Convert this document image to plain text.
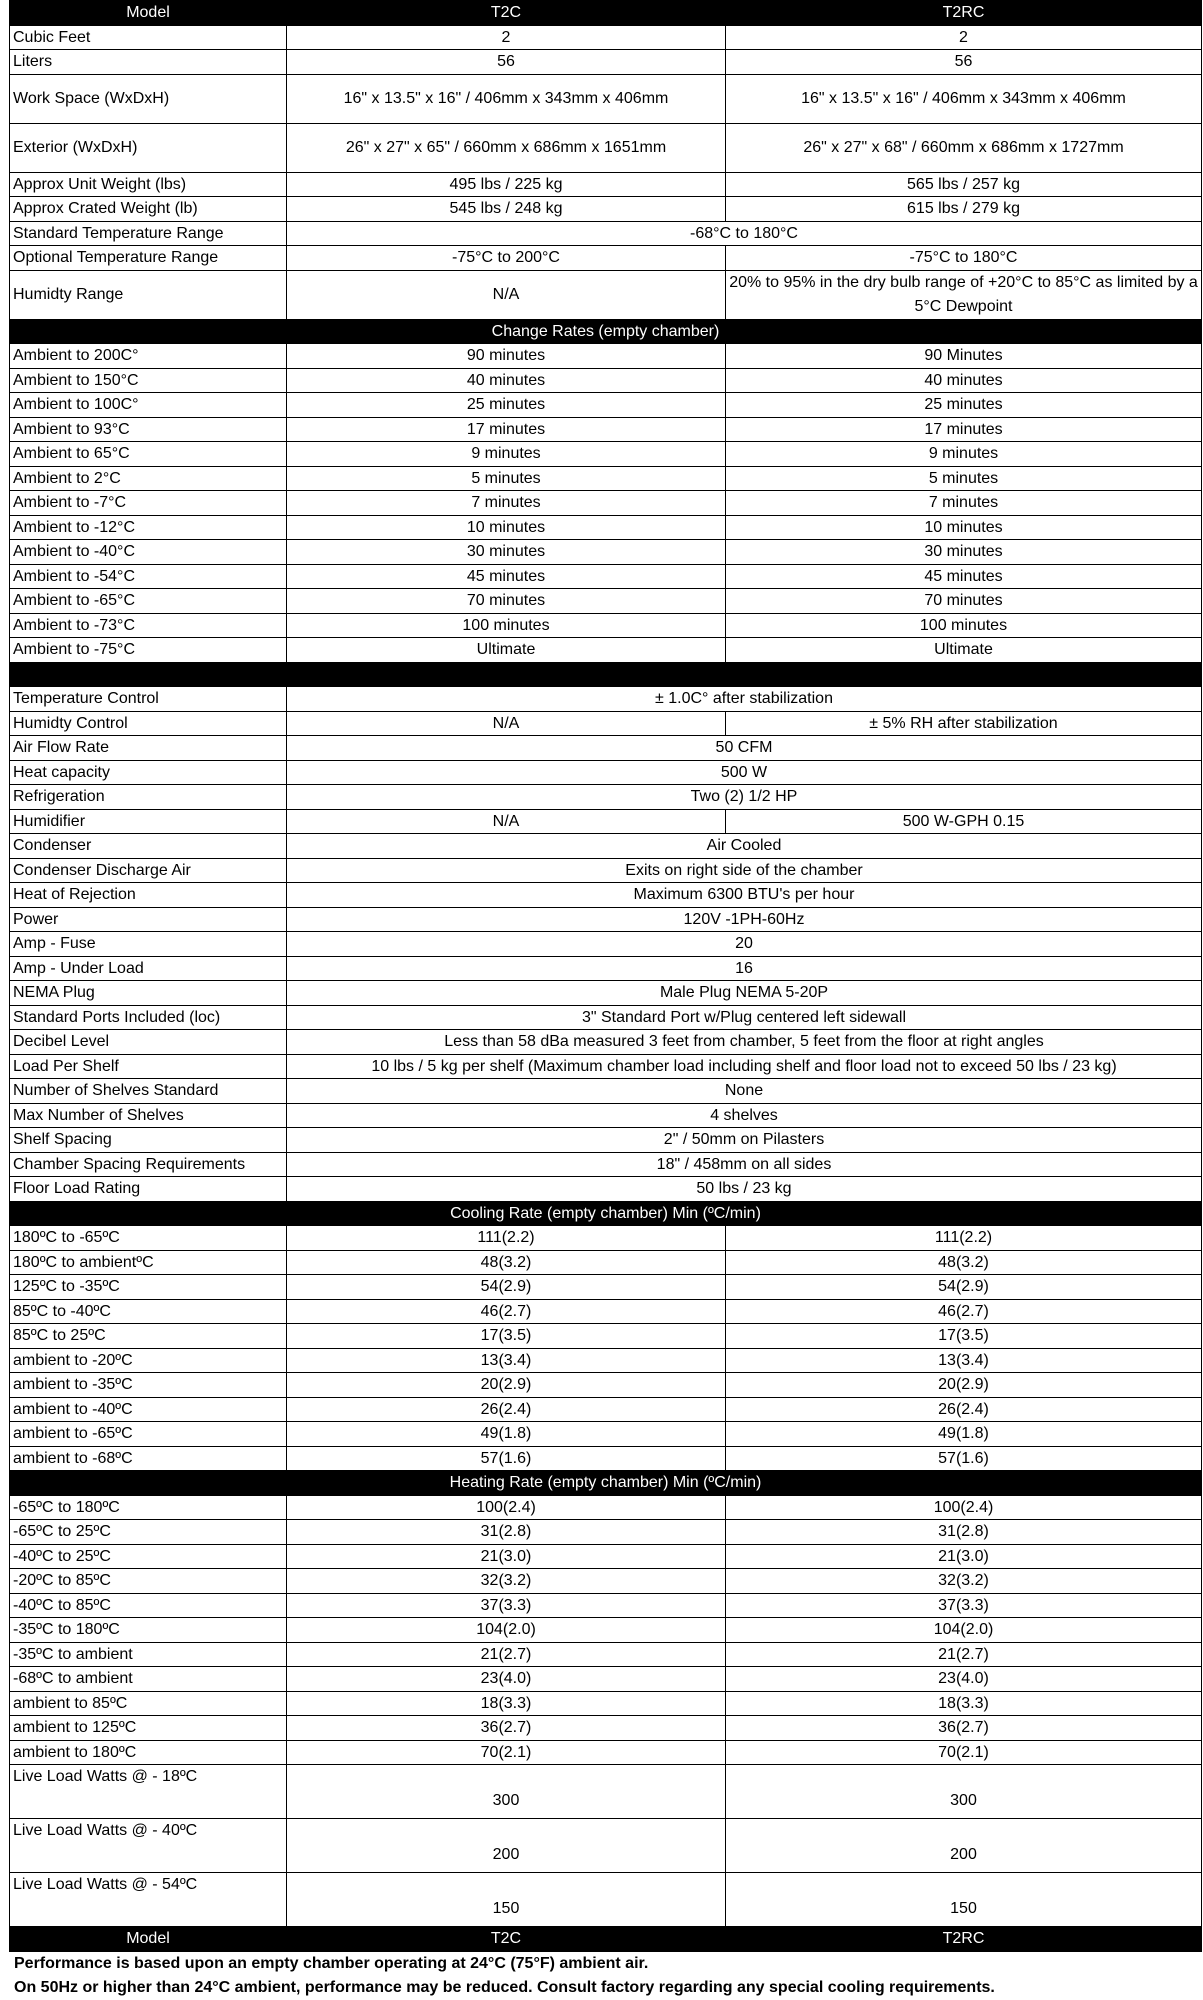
Model	T2C	T2RC
Cubic Feet	2	2
Liters	56	56
Work Space (WxDxH)	16" x 13.5" x 16" / 406mm x 343mm x 406mm	16" x 13.5" x 16" / 406mm x 343mm x 406mm
Exterior (WxDxH)	26" x 27" x 65" / 660mm x 686mm x 1651mm	26" x 27" x 68" / 660mm x 686mm x 1727mm
Approx Unit Weight (lbs)	495 lbs / 225 kg	565 lbs / 257 kg
Approx Crated Weight (lb)	545 lbs / 248 kg	615 lbs / 279 kg
Standard Temperature Range	-68°C to 180°C	
Optional Temperature Range	-75°C to 200°C	-75°C to 180°C
Humidty Range	N/A	20% to 95% in the dry bulb range of +20°C to 85°C as limited by a 5°C Dewpoint
Change Rates (empty chamber)		
Ambient to 200C°	90 minutes	90 Minutes
Ambient to 150°C	40 minutes	40 minutes
Ambient to 100C°	25 minutes	25 minutes
Ambient to 93°C	17 minutes	17 minutes
Ambient to 65°C	9 minutes	9 minutes
Ambient to 2°C	5 minutes	5 minutes
Ambient to -7°C	7 minutes	7 minutes
Ambient to -12°C	10 minutes	10 minutes
Ambient to -40°C	30 minutes	30 minutes
Ambient to -54°C	45 minutes	45 minutes
Ambient to -65°C	70 minutes	70 minutes
Ambient to -73°C	100 minutes	100 minutes
Ambient to -75°C	Ultimate	Ultimate

Temperature Control	± 1.0C° after stabilization	
Humidty Control	N/A	± 5% RH after stabilization
Air Flow Rate	50 CFM	
Heat capacity	500 W	
Refrigeration	Two (2) 1/2 HP	
Humidifier	N/A	500 W-GPH 0.15
Condenser	Air Cooled	
Condenser Discharge Air	Exits on right side of the chamber	
Heat of Rejection	Maximum 6300 BTU's per hour	
Power	120V -1PH-60Hz	
Amp - Fuse	20	
Amp - Under Load	16	
NEMA Plug	Male Plug NEMA 5-20P	
Standard Ports Included (loc)	3" Standard Port w/Plug centered left sidewall	
Decibel Level	Less than 58 dBa measured 3 feet from chamber, 5 feet from the floor at right angles	
Load Per Shelf	10 lbs / 5 kg per shelf (Maximum chamber load including shelf and floor load not to exceed 50 lbs / 23 kg)	
Number of Shelves Standard	None	
Max Number of Shelves	4 shelves	
Shelf Spacing	2" / 50mm on Pilasters	
Chamber Spacing Requirements	18" / 458mm on all sides	
Floor Load Rating	50 lbs / 23 kg	
Cooling Rate (empty chamber) Min (ºC/min)		
180ºC to -65ºC	111(2.2)	111(2.2)
180ºC to ambientºC	48(3.2)	48(3.2)
125ºC to -35ºC	54(2.9)	54(2.9)
85ºC to -40ºC	46(2.7)	46(2.7)
85ºC to 25ºC	17(3.5)	17(3.5)
ambient to -20ºC	13(3.4)	13(3.4)
ambient to -35ºC	20(2.9)	20(2.9)
ambient to -40ºC	26(2.4)	26(2.4)
ambient to -65ºC	49(1.8)	49(1.8)
ambient to -68ºC	57(1.6)	57(1.6)
Heating Rate (empty chamber) Min (ºC/min)		
-65ºC to 180ºC	100(2.4)	100(2.4)
-65ºC to 25ºC	31(2.8)	31(2.8)
-40ºC to 25ºC	21(3.0)	21(3.0)
-20ºC to 85ºC	32(3.2)	32(3.2)
-40ºC to 85ºC	37(3.3)	37(3.3)
-35ºC to 180ºC	104(2.0)	104(2.0)
-35ºC to ambient	21(2.7)	21(2.7)
-68ºC to ambient	23(4.0)	23(4.0)
ambient to 85ºC	18(3.3)	18(3.3)
ambient to 125ºC	36(2.7)	36(2.7)
ambient to 180ºC	70(2.1)	70(2.1)
Live Load Watts @ - 18ºC	300	300
Live Load Watts @ - 40ºC	200	200
Live Load Watts @ - 54ºC	150	150
Model	T2C	T2RC
Performance is based upon an empty chamber operating at 24°C (75°F) ambient air.
On 50Hz or higher than 24°C ambient, performance may be reduced. Consult factory regarding any special cooling requirements.
